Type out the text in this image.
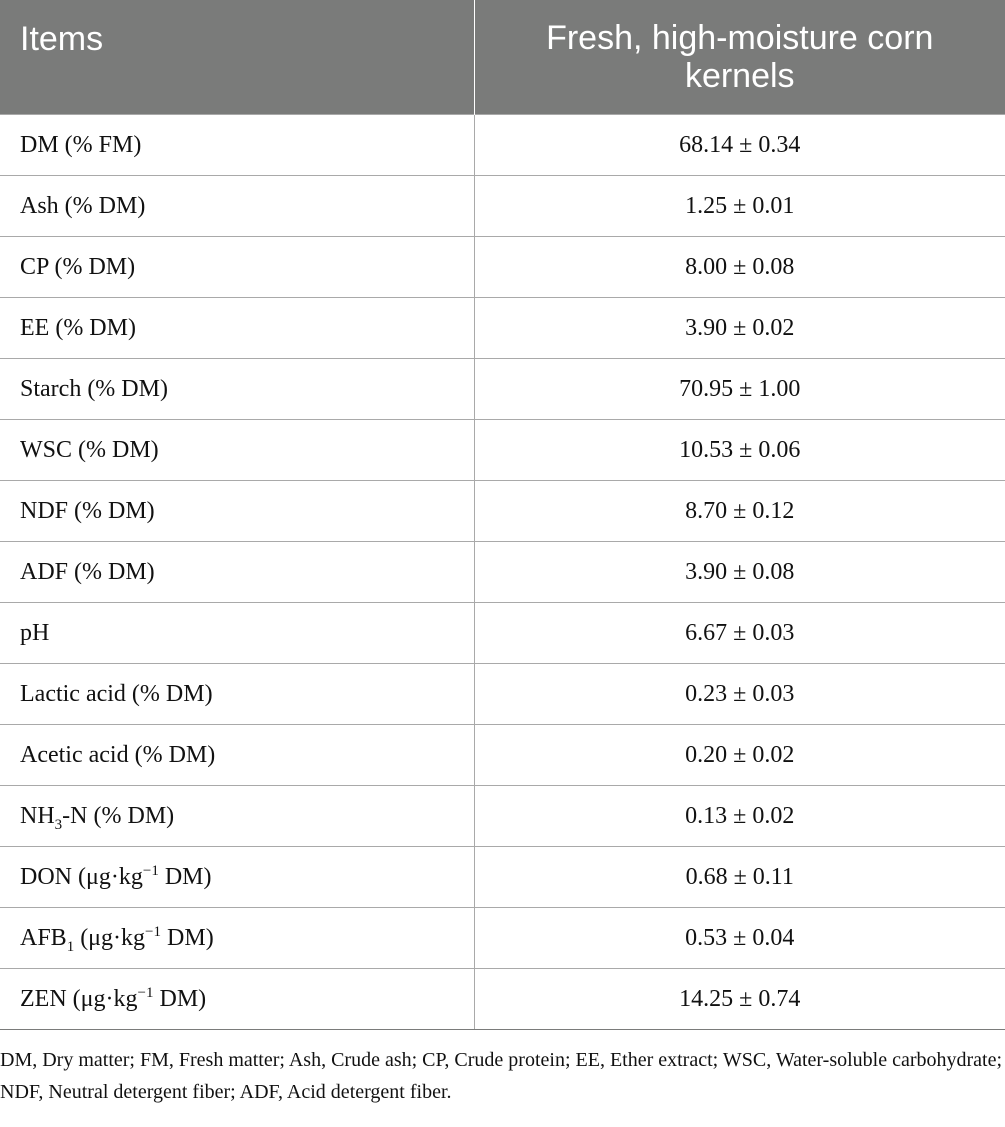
Items	Fresh, high-moisture corn kernels
DM (% FM)	68.14 ± 0.34
Ash (% DM)	1.25 ± 0.01
CP (% DM)	8.00 ± 0.08
EE (% DM)	3.90 ± 0.02
Starch (% DM)	70.95 ± 1.00
WSC (% DM)	10.53 ± 0.06
NDF (% DM)	8.70 ± 0.12
ADF (% DM)	3.90 ± 0.08
pH	6.67 ± 0.03
Lactic acid (% DM)	0.23 ± 0.03
Acetic acid (% DM)	0.20 ± 0.02
$NH_3-N$ (% DM)	0.13 ± 0.02
DON ($\mu g\cdot kg^{-1}$ DM)	0.68 ± 0.11
$AFB_1$ ($\mu g\cdot kg^{-1}$ DM)	0.53 ± 0.04
ZEN ($\mu g\cdot kg^{-1}$ DM)	14.25 ± 0.74

DM, Dry matter; FM, Fresh matter; Ash, Crude ash; CP, Crude protein; EE, Ether extract; WSC, Water-soluble carbohydrate; NDF, Neutral detergent fiber; ADF, Acid detergent fiber.
